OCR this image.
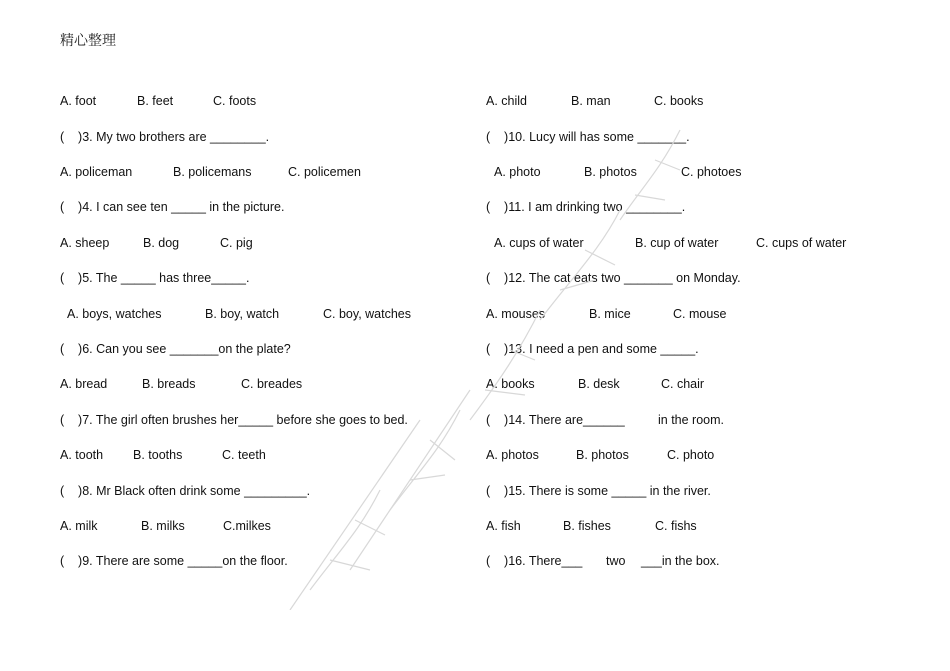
精心整理
A. foot	B. feet	C. foots
(    )3. My two brothers are ________.
A. policeman	B. policemans	C. policemen
(    )4. I can see ten _____ in the picture.
A. sheep	B. dog	C. pig
(    )5. The _____ has three_____.
A. boys, watches	B. boy, watch	C. boy, watches
(    )6. Can you see _______on the plate?
A. bread	B. breads	C. breades
(    )7. The girl often brushes her_____ before she goes to bed.
A. tooth B. tooths	C. teeth
(    )8. Mr Black often drink some _________.
A. milk	B. milks	C.milkes
(    )9. There are some _____on the floor.
A. child	B. man	C. books
(    )10. Lucy will has some _______.
A. photo	B. photos	C. photoes
(    )11. I am drinking two ________.
A. cups of water	B. cup of water	C. cups of water
(    )12. The cat eats two _______ on Monday.
A. mouses	B. mice	C. mouse
(    )13. I need a pen and some _____.
A. books	B. desk	C. chair
(    )14. There are______	in the room.
A. photos	B. photos	C. photo
(    )15. There is some _____ in the river.
A. fish	B. fishes	C. fishs
(    )16. There___ two ___in the box.
